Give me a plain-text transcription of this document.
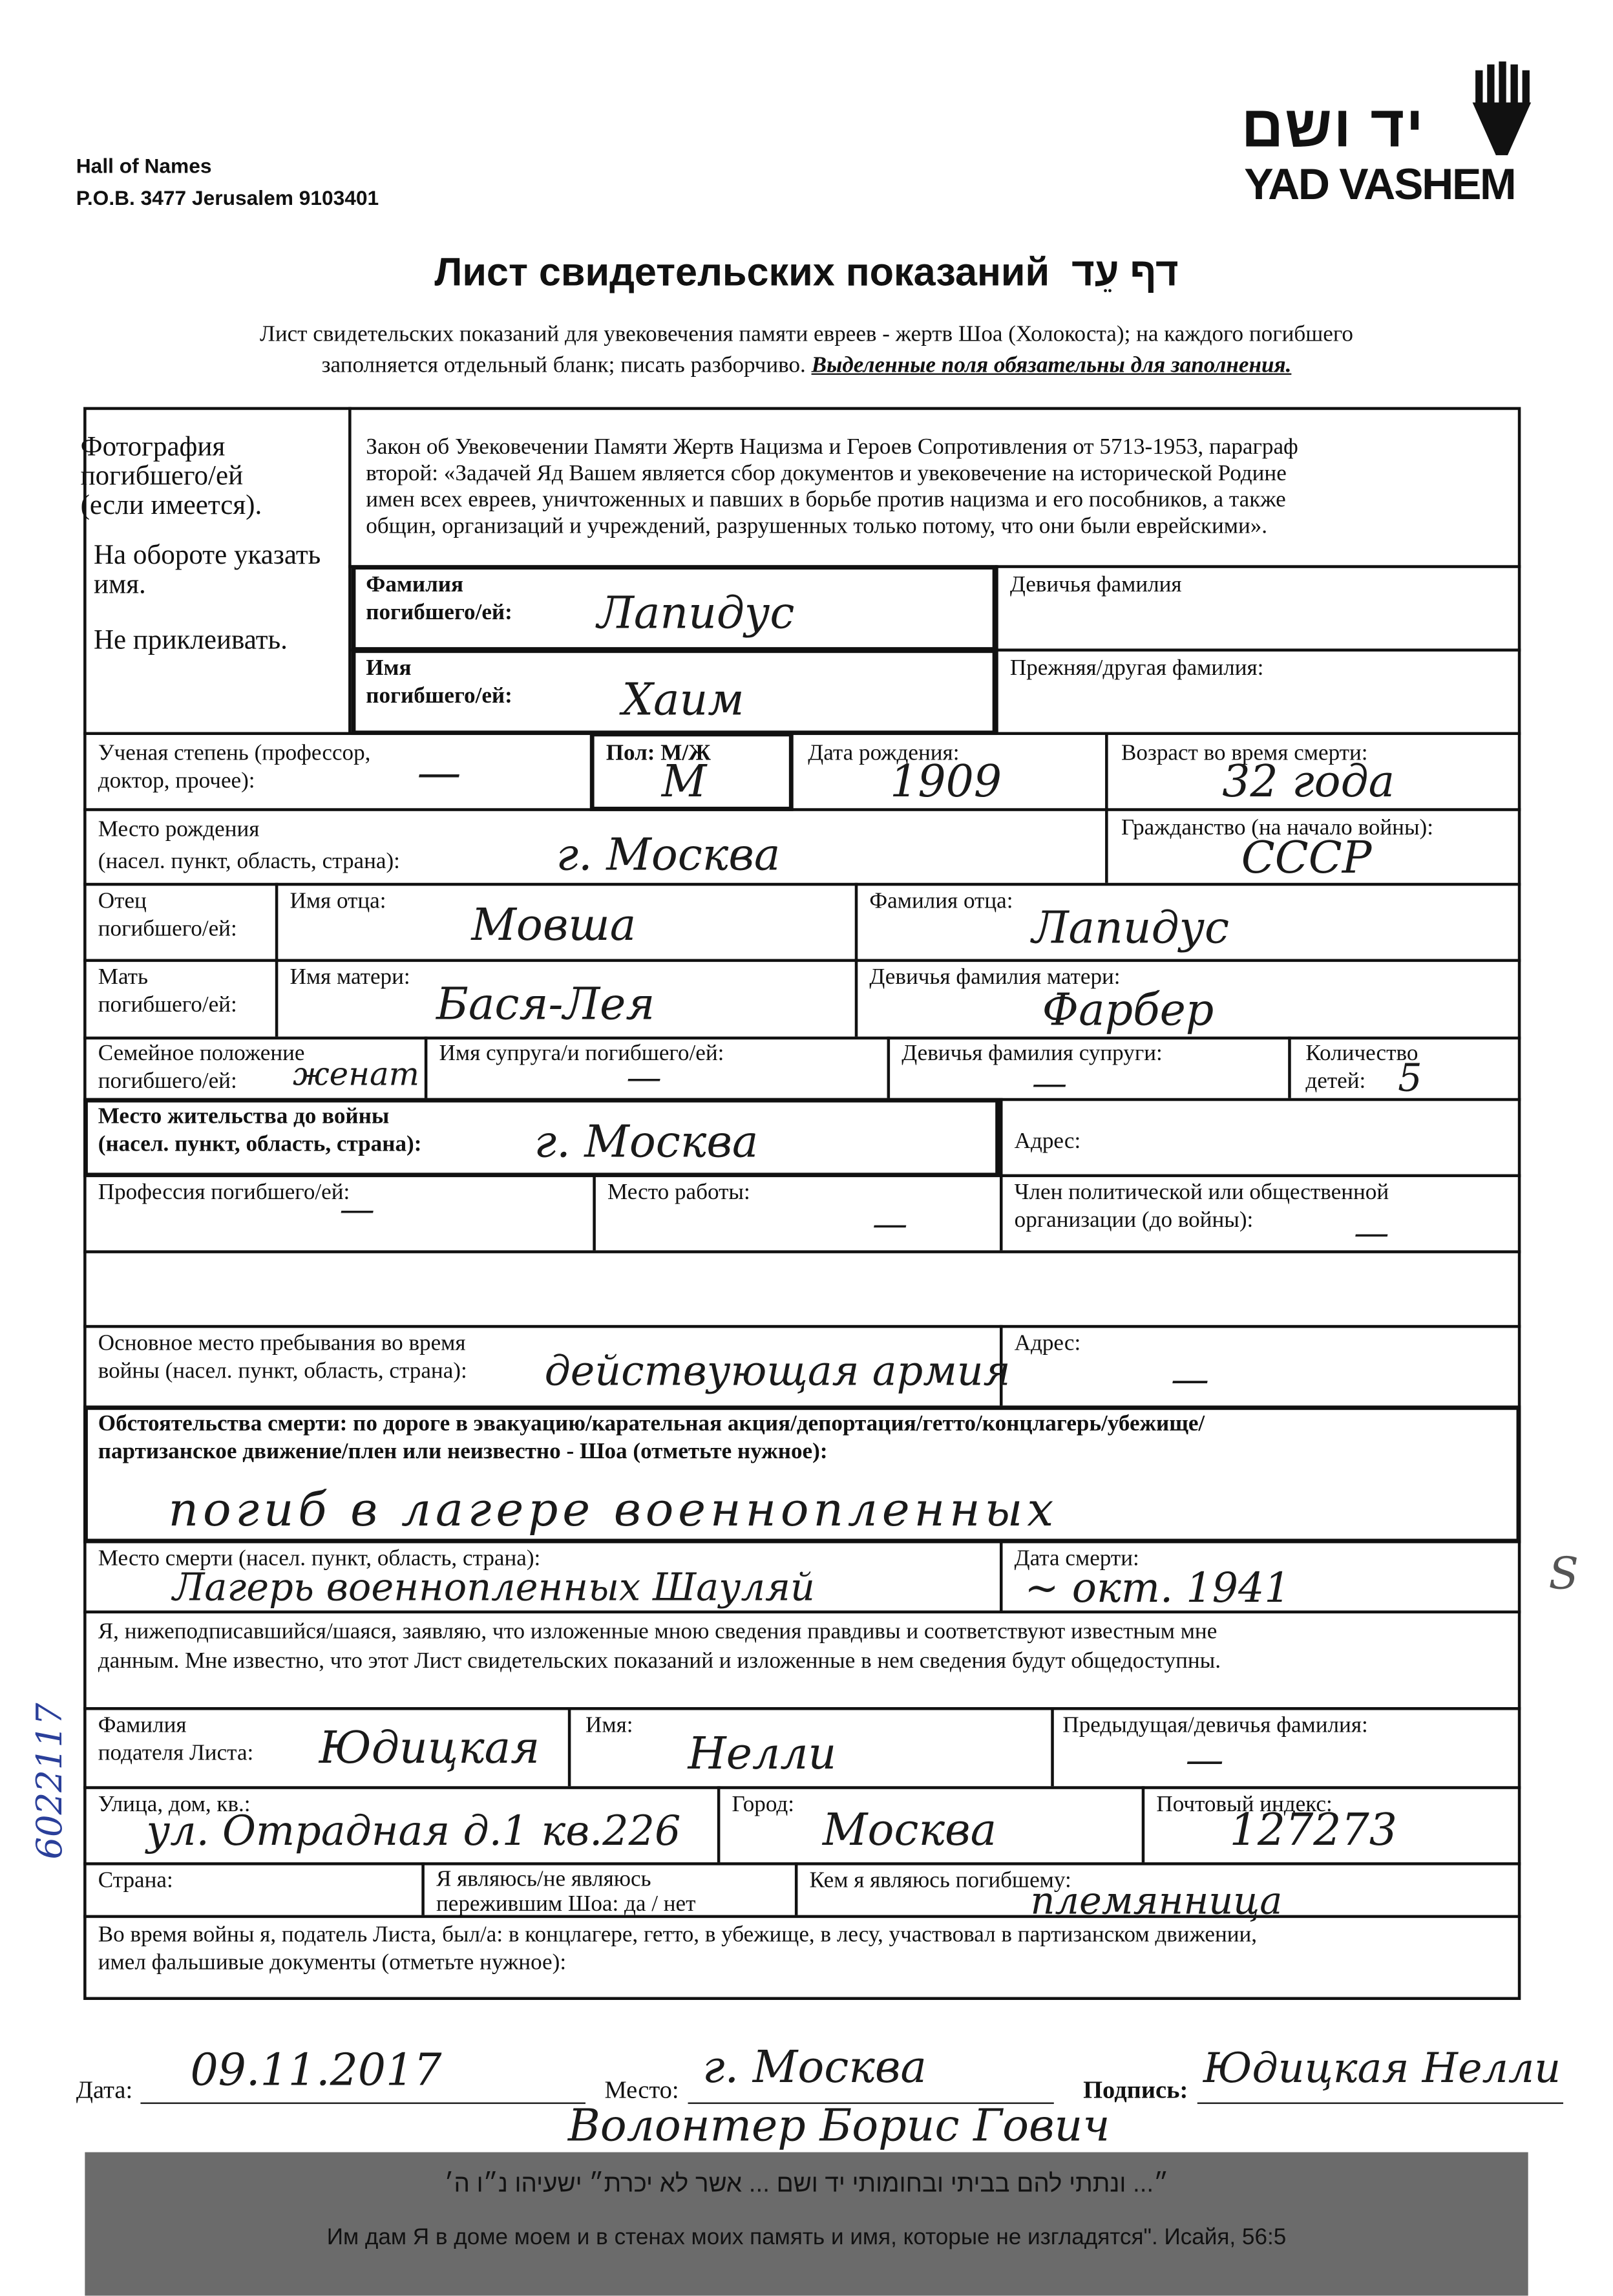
Hall of Names
P.O.B. 3477 Jerusalem 9103401
יד ושם
YAD VASHEM
Лист свидетельских показаний דף עֵד
Лист свидетельских показаний для увековечения памяти евреев - жертв Шоа (Холокоста); на каждого погибшего
заполняется отдельный бланк; писать разборчиво. Выделенные поля обязательны для заполнения.
Фотография
погибшего/ей
(если имеется).
На обороте указать
имя.
Не приклеивать.
Закон об Увековечении Памяти Жертв Нацизма и Героев Сопротивления от 5713-1953, параграф
второй: «Задачей Яд Вашем является сбор документов и увековечение на исторической Родине
имен всех евреев, уничтоженных и павших в борьбе против нацизма и его пособников, а также
общин, организаций и учреждений, разрушенных только потому, что они были еврейскими».
Фамилия
погибшего/ей:	Лапидус
Девичья фамилия
Имя
погибшего/ей:	Хаим
Прежняя/другая фамилия:
Ученая степень (профессор,
доктор, прочее):	—	Пол: М/Ж
М
Дата рождения:
1909
Возраст во время смерти:
32 года
Место рождения
(насел. пункт, область, страна):	г. Москва
Гражданство (на начало войны):
СССР
Отец
погибшего/ей:
Имя отца:	Мовша	Фамилия отца:
Лапидус
Мать
погибшего/ей:
Имя матери:
Бася-Лея
Девичья фамилия матери:
Фарбер
Семейное положение
погибшего/ей:	женат
Имя супруга/и погибшего/ей:
—
Девичья фамилия супруги:
—
Количество
детей:	5
Место жительства до войны
(насел. пункт, область, страна):	г. Москва	Адрес:
Профессия погибшего/ей:
—	Место работы:
—
Член политической или общественной
организации (до войны):	—
Основное место пребывания во время
войны (насел. пункт, область, страна):	действующая армия
Адрес:
—
Обстоятельства смерти: по дороге в эвакуацию/карательная акция/депортация/гетто/концлагерь/убежище/
партизанское движение/плен или неизвестно - Шоа (отметьте нужное):
погиб в лагере военнопленных
Место смерти (насел. пункт, область, страна):
Лагерь военнопленных Шауляй
Дата смерти:
~ окт. 1941
Я, нижеподписавшийся/шаяся, заявляю, что изложенные мною сведения правдивы и соответствуют известным мне
данным. Мне известно, что этот Лист свидетельских показаний и изложенные в нем сведения будут общедоступны.
Фамилия
подателя Листа:	Юдицкая	Имя:
Нелли
Предыдущая/девичья фамилия:
—
Улица, дом, кв.:
ул. Отрадная д.1 кв.226
Город:
Москва
Почтовый индекс:
127273
Страна:	Я являюсь/не являюсь
пережившим Шоа: да / нет
Кем я являюсь погибшему:
племянница
Во время войны я, податель Листа, был/а: в концлагере, гетто, в убежище, в лесу, участвовал в партизанском движении,
имел фальшивые документы (отметьте нужное):
Дата:	09.11.2017	Место: г. Москва	Подпись: Юдицкая Нелли
Волонтер Борис Гович
6022117
S
״... ונתתי להם בביתי ובחומותי יד ושם ... אשר לא יכרת״ ישעיהו נ״ו ה׳
Им дам Я в доме моем и в стенах моих память и имя, которые не изгладятся". Исайя, 56:5
